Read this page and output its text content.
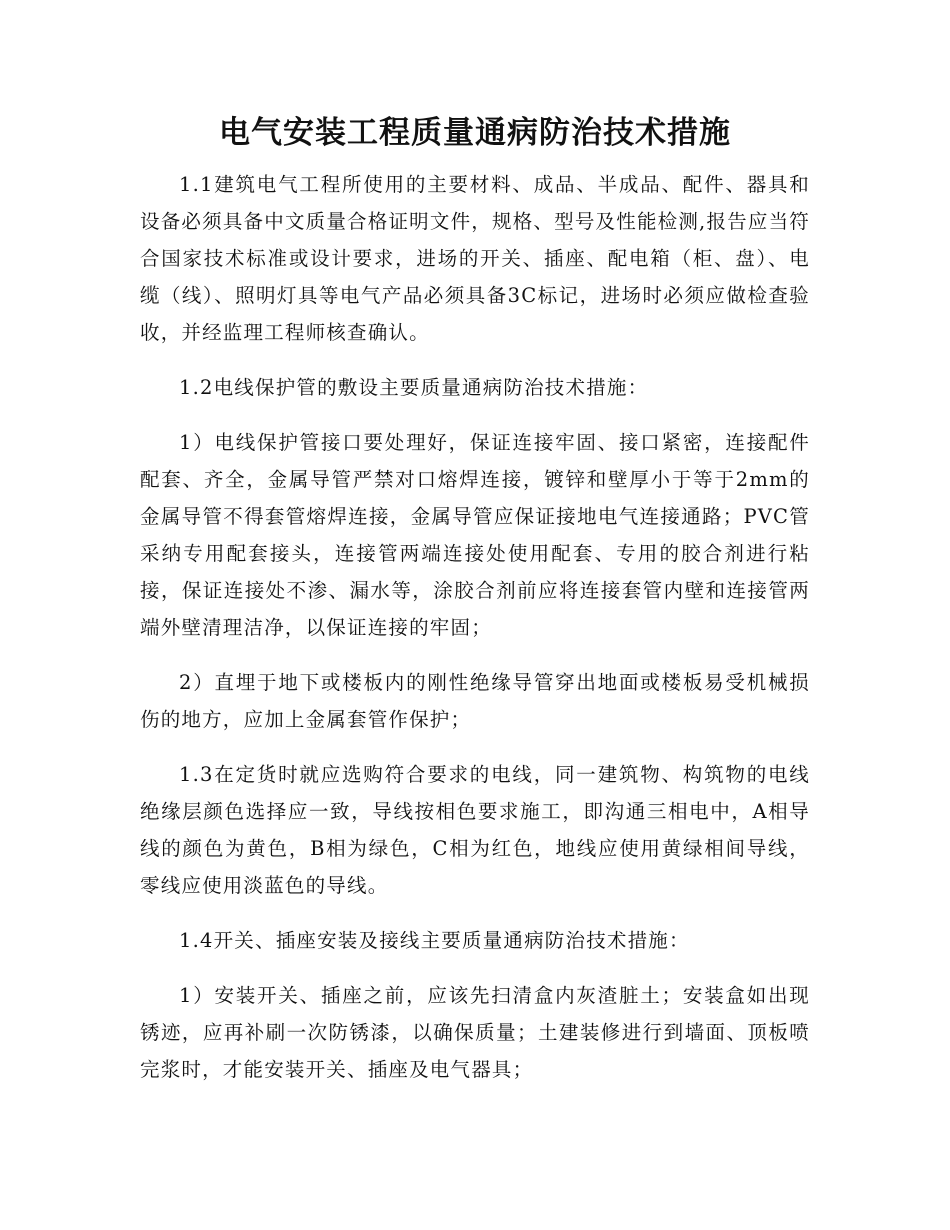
电气安装工程质量通病防治技术措施

1.1建筑电气工程所使用的主要材料、成品、半成品、配件、器具和设备必须具备中文质量合格证明文件，规格、型号及性能检测,报告应当符合国家技术标准或设计要求，进场的开关、插座、配电箱（柜、盘）、电缆（线）、照明灯具等电气产品必须具备3C标记，进场时必须应做检查验收，并经监理工程师核查确认。

1.2电线保护管的敷设主要质量通病防治技术措施：

1）电线保护管接口要处理好，保证连接牢固、接口紧密，连接配件配套、齐全，金属导管严禁对口熔焊连接，镀锌和壁厚小于等于2mm的金属导管不得套管熔焊连接，金属导管应保证接地电气连接通路；PVC管采纳专用配套接头，连接管两端连接处使用配套、专用的胶合剂进行粘接，保证连接处不渗、漏水等，涂胶合剂前应将连接套管内壁和连接管两端外壁清理洁净，以保证连接的牢固；

2）直埋于地下或楼板内的刚性绝缘导管穿出地面或楼板易受机械损伤的地方，应加上金属套管作保护；

1.3在定货时就应选购符合要求的电线，同一建筑物、构筑物的电线绝缘层颜色选择应一致，导线按相色要求施工，即沟通三相电中，A相导线的颜色为黄色，B相为绿色，C相为红色，地线应使用黄绿相间导线，零线应使用淡蓝色的导线。

1.4开关、插座安装及接线主要质量通病防治技术措施：

1）安装开关、插座之前，应该先扫清盒内灰渣脏土；安装盒如出现锈迹，应再补刷一次防锈漆，以确保质量；土建装修进行到墙面、顶板喷完浆时，才能安装开关、插座及电气器具；
